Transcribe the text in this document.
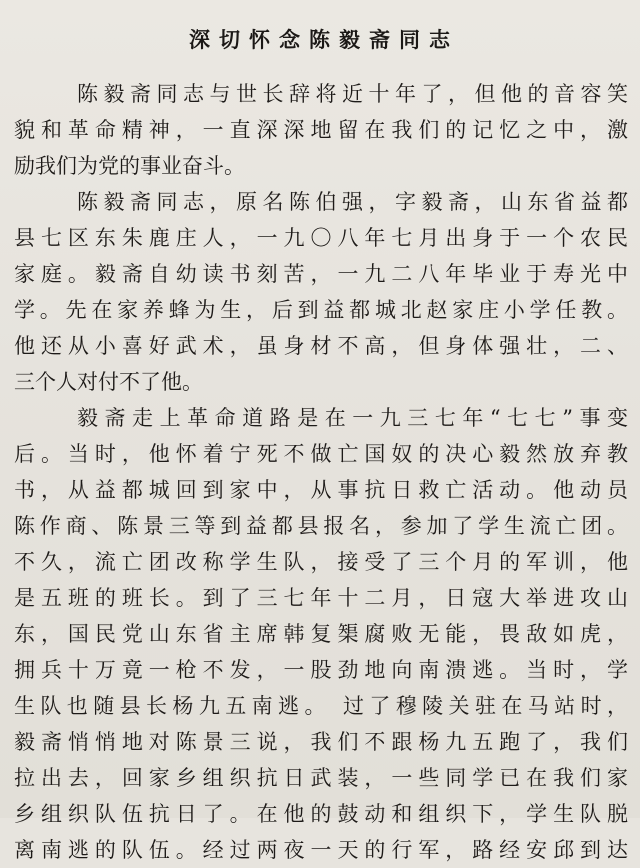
深切怀念陈毅斋同志
陈毅斋同志与世长辞将近十年了，但他的音容笑
貌和革命精神，一直深深地留在我们的记忆之中，激
励我们为党的事业奋斗。
陈毅斋同志，原名陈伯强，字毅斋，山东省益都
县七区东朱鹿庄人，一九〇八年七月出身于一个农民
家庭。毅斋自幼读书刻苦，一九二八年毕业于寿光中
学。先在家养蜂为生，后到益都城北赵家庄小学任教。
他还从小喜好武术，虽身材不高，但身体强壮，二、
三个人对付不了他。
毅斋走上革命道路是在一九三七年“七七”事变
后。当时，他怀着宁死不做亡国奴的决心毅然放弃教
书，从益都城回到家中，从事抗日救亡活动。他动员
陈作商、陈景三等到益都县报名，参加了学生流亡团。
不久，流亡团改称学生队，接受了三个月的军训，他
是五班的班长。到了三七年十二月，日寇大举进攻山
东，国民党山东省主席韩复榘腐败无能，畏敌如虎，
拥兵十万竟一枪不发，一股劲地向南溃逃。当时，学
生队也随县长杨九五南逃。 过了穆陵关驻在马站时，
毅斋悄悄地对陈景三说，我们不跟杨九五跑了，我们
拉出去，回家乡组织抗日武装，一些同学已在我们家
乡组织队伍抗日了。在他的鼓动和组织下，学生队脱
离南逃的队伍。经过两夜一天的行军，路经安邱到达
